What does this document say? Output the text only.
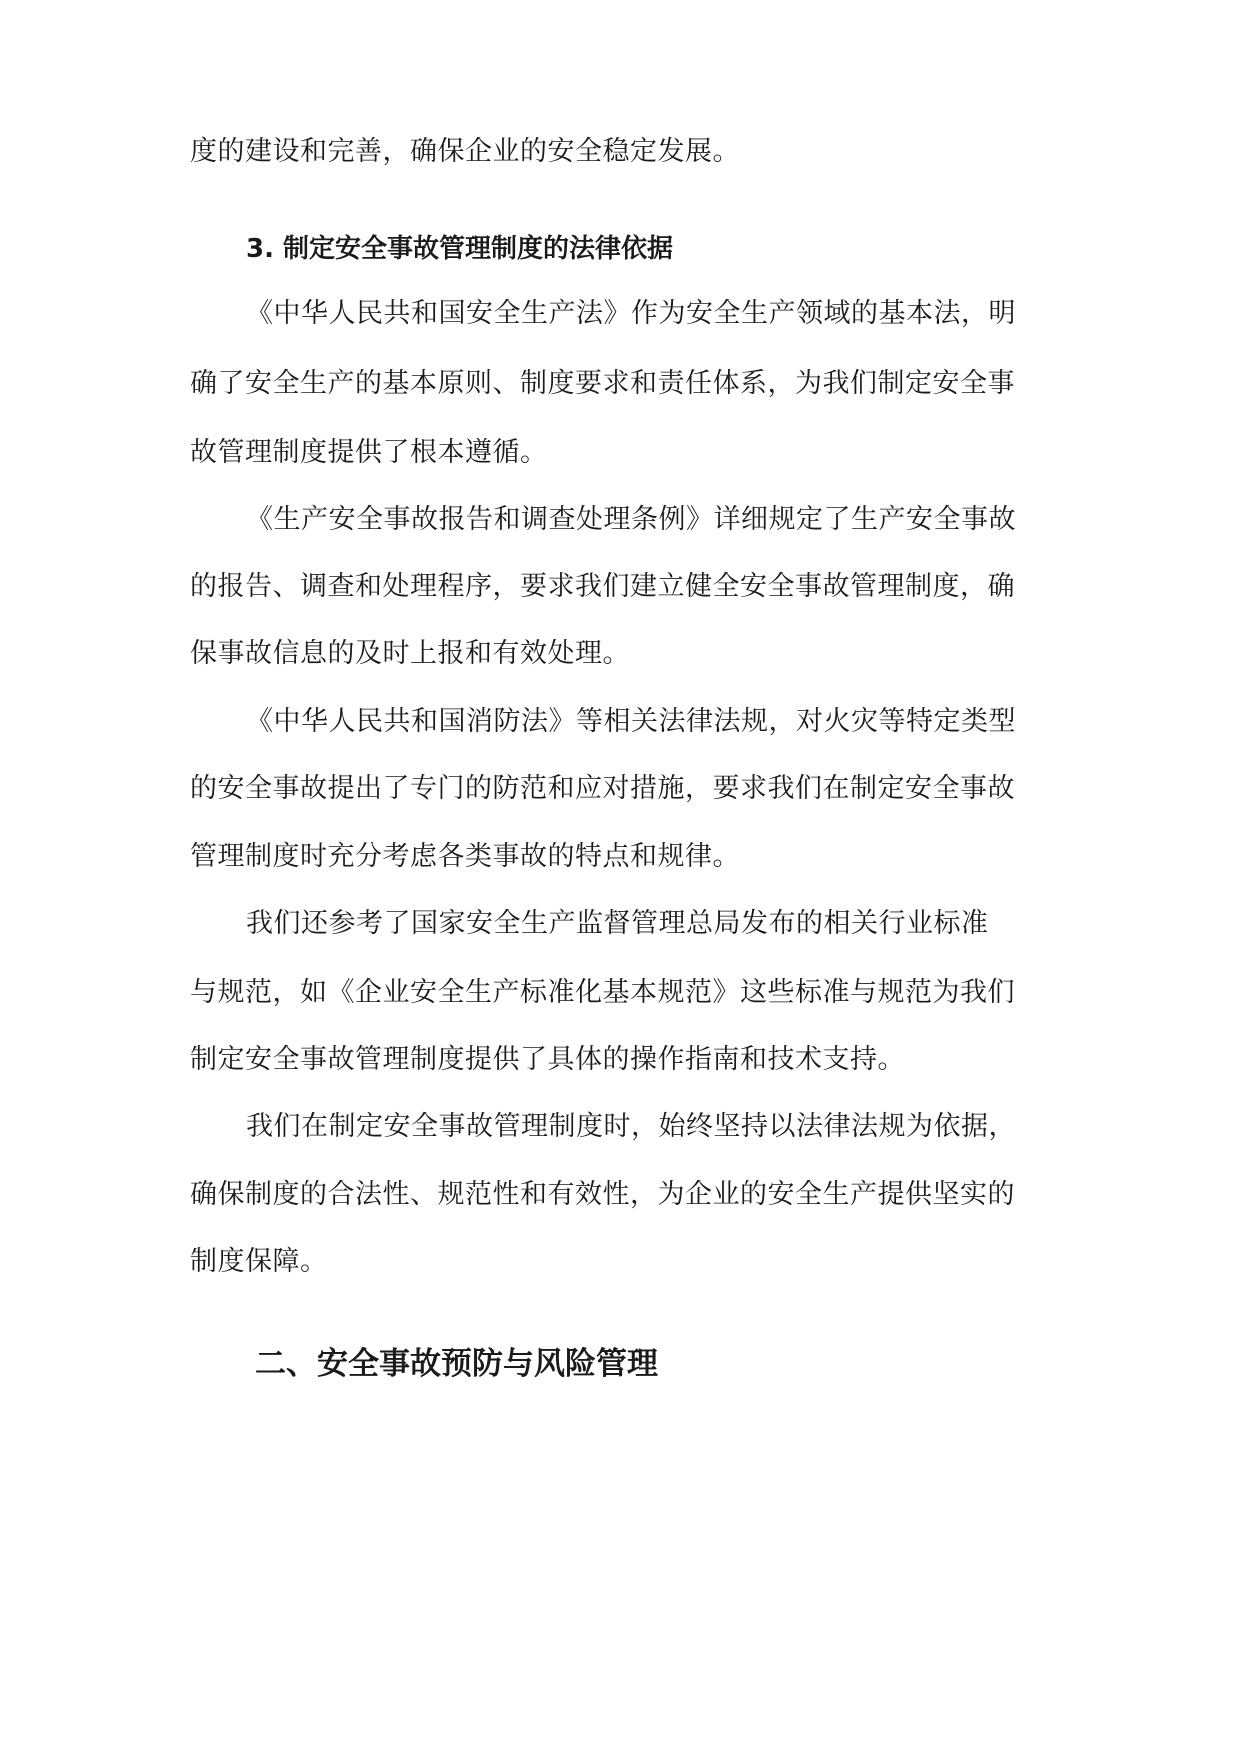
度的建设和完善，确保企业的安全稳定发展。
3. 制定安全事故管理制度的法律依据
《中华人民共和国安全生产法》作为安全生产领域的基本法，明
确了安全生产的基本原则、制度要求和责任体系，为我们制定安全事
故管理制度提供了根本遵循。
《生产安全事故报告和调查处理条例》详细规定了生产安全事故
的报告、调查和处理程序，要求我们建立健全安全事故管理制度，确
保事故信息的及时上报和有效处理。
《中华人民共和国消防法》等相关法律法规，对火灾等特定类型
的安全事故提出了专门的防范和应对措施，要求我们在制定安全事故
管理制度时充分考虑各类事故的特点和规律。
我们还参考了国家安全生产监督管理总局发布的相关行业标准
与规范，如《企业安全生产标准化基本规范》这些标准与规范为我们
制定安全事故管理制度提供了具体的操作指南和技术支持。
我们在制定安全事故管理制度时，始终坚持以法律法规为依据，
确保制度的合法性、规范性和有效性，为企业的安全生产提供坚实的
制度保障。
二、安全事故预防与风险管理
